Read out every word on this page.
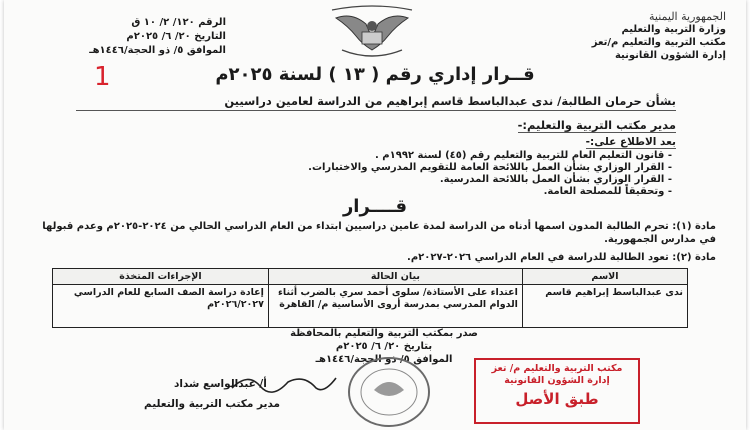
الجمهورية اليمنية
وزارة التربية والتعليم
مكتب التربية والتعليم م/تعز
إدارة الشؤون القانونية
الرقم ١٢٠/ ٢/ ١٠ ق
التاريخ ٢٠/ ٦/ ٢٠٢٥م
الموافق ٥/ ذو الحجة/١٤٤٦هـ
1	قــرار إداري رقم ( ١٣ ) لسنة ٢٠٢٥م
بشأن حرمان الطالبة/ ندى عبدالباسط قاسم إبراهيم من الدراسة لعامين دراسيين
مدير مكتب التربية والتعليم:-
بعد الاطلاع على:-
- قانون التعليم العام للتربية والتعليم رقم (٤٥) لسنة ١٩٩٢م .
- القرار الوزاري بشأن العمل باللائحة العامة للتقويم المدرسي والاختبارات.
- القرار الوزاري بشأن العمل باللائحة المدرسية.
- وتحقيقاً للمصلحة العامة.
قــــرار
مادة (١): تحرم الطالبة المدون اسمها أدناه من الدراسة لمدة عامين دراسيين ابتداء من العام الدراسي الحالي من ٢٠٢٤-٢٠٢٥م وعدم قبولها في مدارس الجمهورية.
مادة (٢): تعود الطالبة للدراسة في العام الدراسي ٢٠٢٦-٢٠٢٧م.
الاسم	بيان الحالة	الإجراءات المتخذة
ندى عبدالباسط إبراهيم قاسم	اعتداء على الأستاذة/ سلوى أحمد سري بالضرب أثناء الدوام المدرسي بمدرسة أروى الأساسية م/ القاهرة	إعادة دراسة الصف السابع للعام الدراسي ٢٠٢٦/٢٠٢٧م
صدر بمكتب التربية والتعليم بالمحافظة
بتاريخ ٢٠/ ٦/ ٢٠٢٥م
الموافق ٥/ ذو الحجة/١٤٤٦هـ
أ/ عبدالواسع شداد
مدير مكتب التربية والتعليم
مكتب التربية والتعليم م/ تعز
إدارة الشؤون القانونية
طبق الأصل
